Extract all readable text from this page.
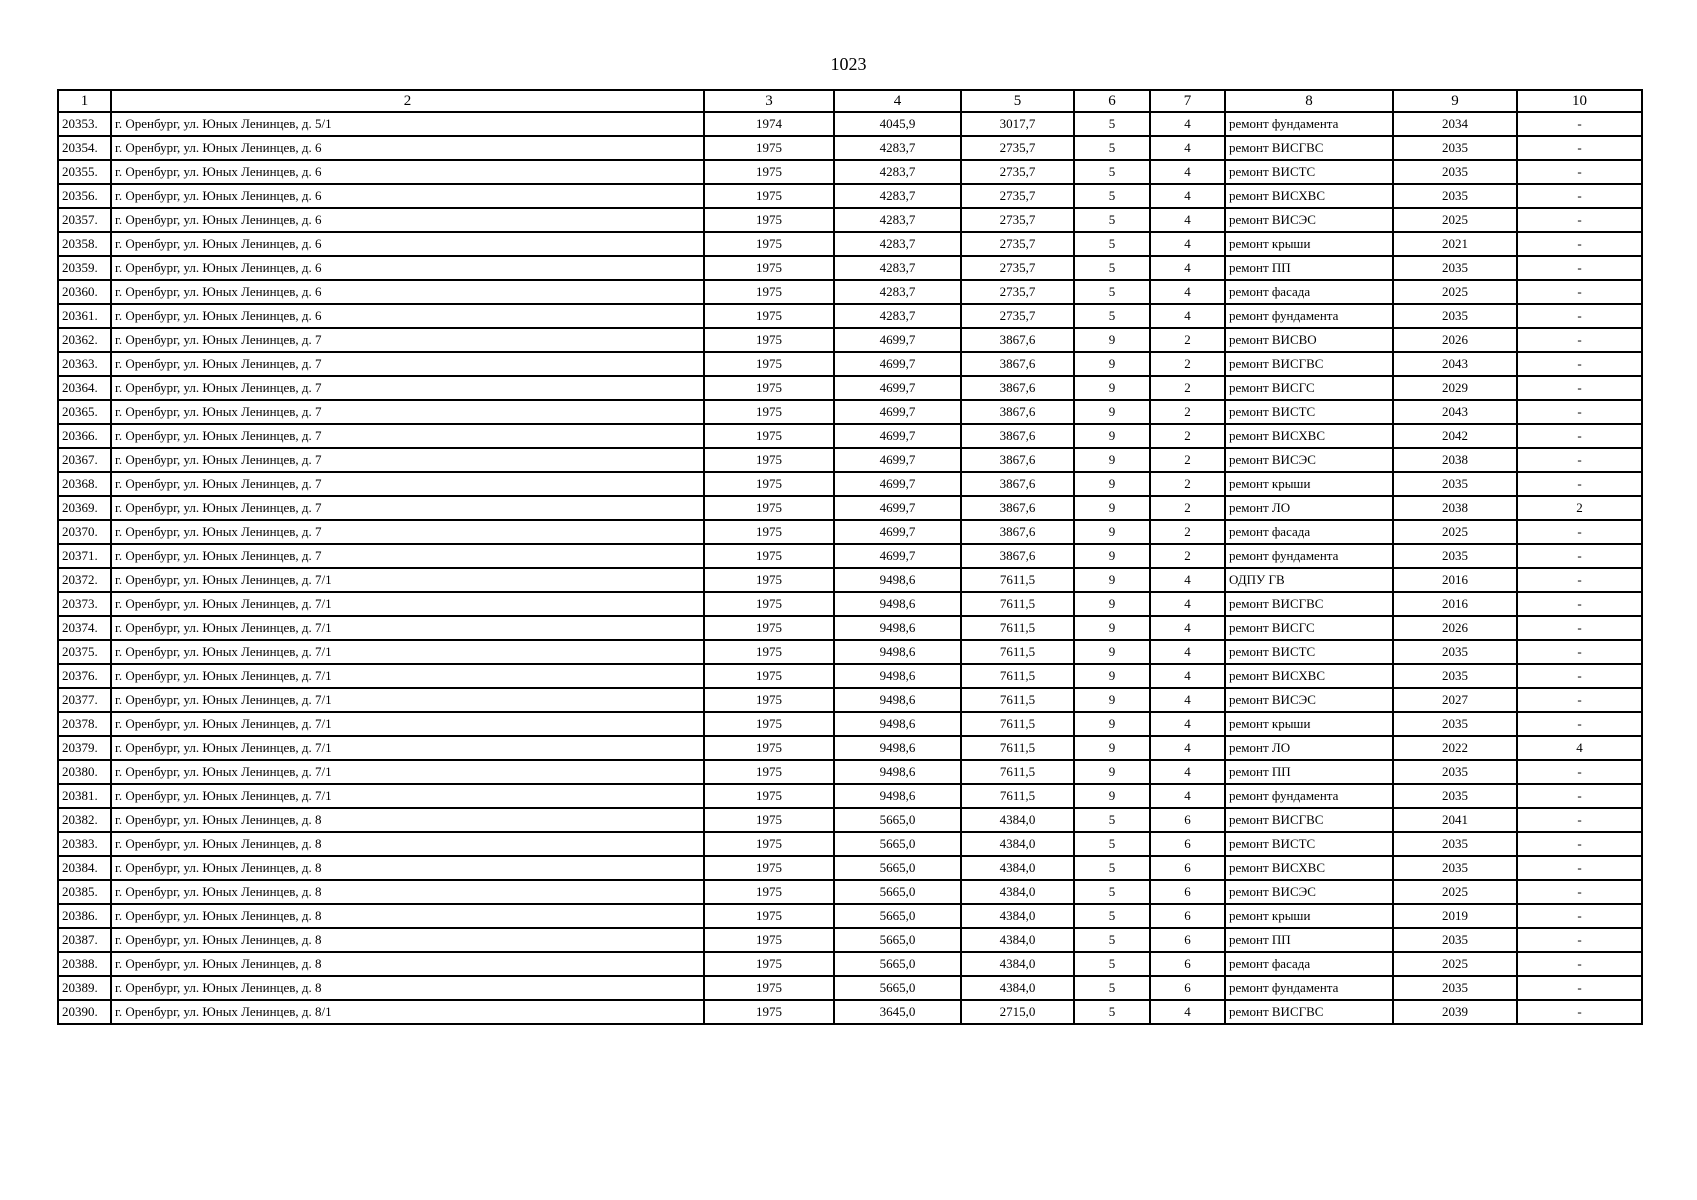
1023
1	2	3	4	5	6	7	8	9	10
20353.	г. Оренбург, ул. Юных Ленинцев, д. 5/1	1974	4045,9	3017,7	5	4	ремонт фундамента	2034	-
20354.	г. Оренбург, ул. Юных Ленинцев, д. 6	1975	4283,7	2735,7	5	4	ремонт ВИСГВС	2035	-
20355.	г. Оренбург, ул. Юных Ленинцев, д. 6	1975	4283,7	2735,7	5	4	ремонт ВИСТС	2035	-
20356.	г. Оренбург, ул. Юных Ленинцев, д. 6	1975	4283,7	2735,7	5	4	ремонт ВИСХВС	2035	-
20357.	г. Оренбург, ул. Юных Ленинцев, д. 6	1975	4283,7	2735,7	5	4	ремонт ВИСЭС	2025	-
20358.	г. Оренбург, ул. Юных Ленинцев, д. 6	1975	4283,7	2735,7	5	4	ремонт крыши	2021	-
20359.	г. Оренбург, ул. Юных Ленинцев, д. 6	1975	4283,7	2735,7	5	4	ремонт ПП	2035	-
20360.	г. Оренбург, ул. Юных Ленинцев, д. 6	1975	4283,7	2735,7	5	4	ремонт фасада	2025	-
20361.	г. Оренбург, ул. Юных Ленинцев, д. 6	1975	4283,7	2735,7	5	4	ремонт фундамента	2035	-
20362.	г. Оренбург, ул. Юных Ленинцев, д. 7	1975	4699,7	3867,6	9	2	ремонт ВИСВО	2026	-
20363.	г. Оренбург, ул. Юных Ленинцев, д. 7	1975	4699,7	3867,6	9	2	ремонт ВИСГВС	2043	-
20364.	г. Оренбург, ул. Юных Ленинцев, д. 7	1975	4699,7	3867,6	9	2	ремонт ВИСГС	2029	-
20365.	г. Оренбург, ул. Юных Ленинцев, д. 7	1975	4699,7	3867,6	9	2	ремонт ВИСТС	2043	-
20366.	г. Оренбург, ул. Юных Ленинцев, д. 7	1975	4699,7	3867,6	9	2	ремонт ВИСХВС	2042	-
20367.	г. Оренбург, ул. Юных Ленинцев, д. 7	1975	4699,7	3867,6	9	2	ремонт ВИСЭС	2038	-
20368.	г. Оренбург, ул. Юных Ленинцев, д. 7	1975	4699,7	3867,6	9	2	ремонт крыши	2035	-
20369.	г. Оренбург, ул. Юных Ленинцев, д. 7	1975	4699,7	3867,6	9	2	ремонт ЛО	2038	2
20370.	г. Оренбург, ул. Юных Ленинцев, д. 7	1975	4699,7	3867,6	9	2	ремонт фасада	2025	-
20371.	г. Оренбург, ул. Юных Ленинцев, д. 7	1975	4699,7	3867,6	9	2	ремонт фундамента	2035	-
20372.	г. Оренбург, ул. Юных Ленинцев, д. 7/1	1975	9498,6	7611,5	9	4	ОДПУ ГВ	2016	-
20373.	г. Оренбург, ул. Юных Ленинцев, д. 7/1	1975	9498,6	7611,5	9	4	ремонт ВИСГВС	2016	-
20374.	г. Оренбург, ул. Юных Ленинцев, д. 7/1	1975	9498,6	7611,5	9	4	ремонт ВИСГС	2026	-
20375.	г. Оренбург, ул. Юных Ленинцев, д. 7/1	1975	9498,6	7611,5	9	4	ремонт ВИСТС	2035	-
20376.	г. Оренбург, ул. Юных Ленинцев, д. 7/1	1975	9498,6	7611,5	9	4	ремонт ВИСХВС	2035	-
20377.	г. Оренбург, ул. Юных Ленинцев, д. 7/1	1975	9498,6	7611,5	9	4	ремонт ВИСЭС	2027	-
20378.	г. Оренбург, ул. Юных Ленинцев, д. 7/1	1975	9498,6	7611,5	9	4	ремонт крыши	2035	-
20379.	г. Оренбург, ул. Юных Ленинцев, д. 7/1	1975	9498,6	7611,5	9	4	ремонт ЛО	2022	4
20380.	г. Оренбург, ул. Юных Ленинцев, д. 7/1	1975	9498,6	7611,5	9	4	ремонт ПП	2035	-
20381.	г. Оренбург, ул. Юных Ленинцев, д. 7/1	1975	9498,6	7611,5	9	4	ремонт фундамента	2035	-
20382.	г. Оренбург, ул. Юных Ленинцев, д. 8	1975	5665,0	4384,0	5	6	ремонт ВИСГВС	2041	-
20383.	г. Оренбург, ул. Юных Ленинцев, д. 8	1975	5665,0	4384,0	5	6	ремонт ВИСТС	2035	-
20384.	г. Оренбург, ул. Юных Ленинцев, д. 8	1975	5665,0	4384,0	5	6	ремонт ВИСХВС	2035	-
20385.	г. Оренбург, ул. Юных Ленинцев, д. 8	1975	5665,0	4384,0	5	6	ремонт ВИСЭС	2025	-
20386.	г. Оренбург, ул. Юных Ленинцев, д. 8	1975	5665,0	4384,0	5	6	ремонт крыши	2019	-
20387.	г. Оренбург, ул. Юных Ленинцев, д. 8	1975	5665,0	4384,0	5	6	ремонт ПП	2035	-
20388.	г. Оренбург, ул. Юных Ленинцев, д. 8	1975	5665,0	4384,0	5	6	ремонт фасада	2025	-
20389.	г. Оренбург, ул. Юных Ленинцев, д. 8	1975	5665,0	4384,0	5	6	ремонт фундамента	2035	-
20390.	г. Оренбург, ул. Юных Ленинцев, д. 8/1	1975	3645,0	2715,0	5	4	ремонт ВИСГВС	2039	-
